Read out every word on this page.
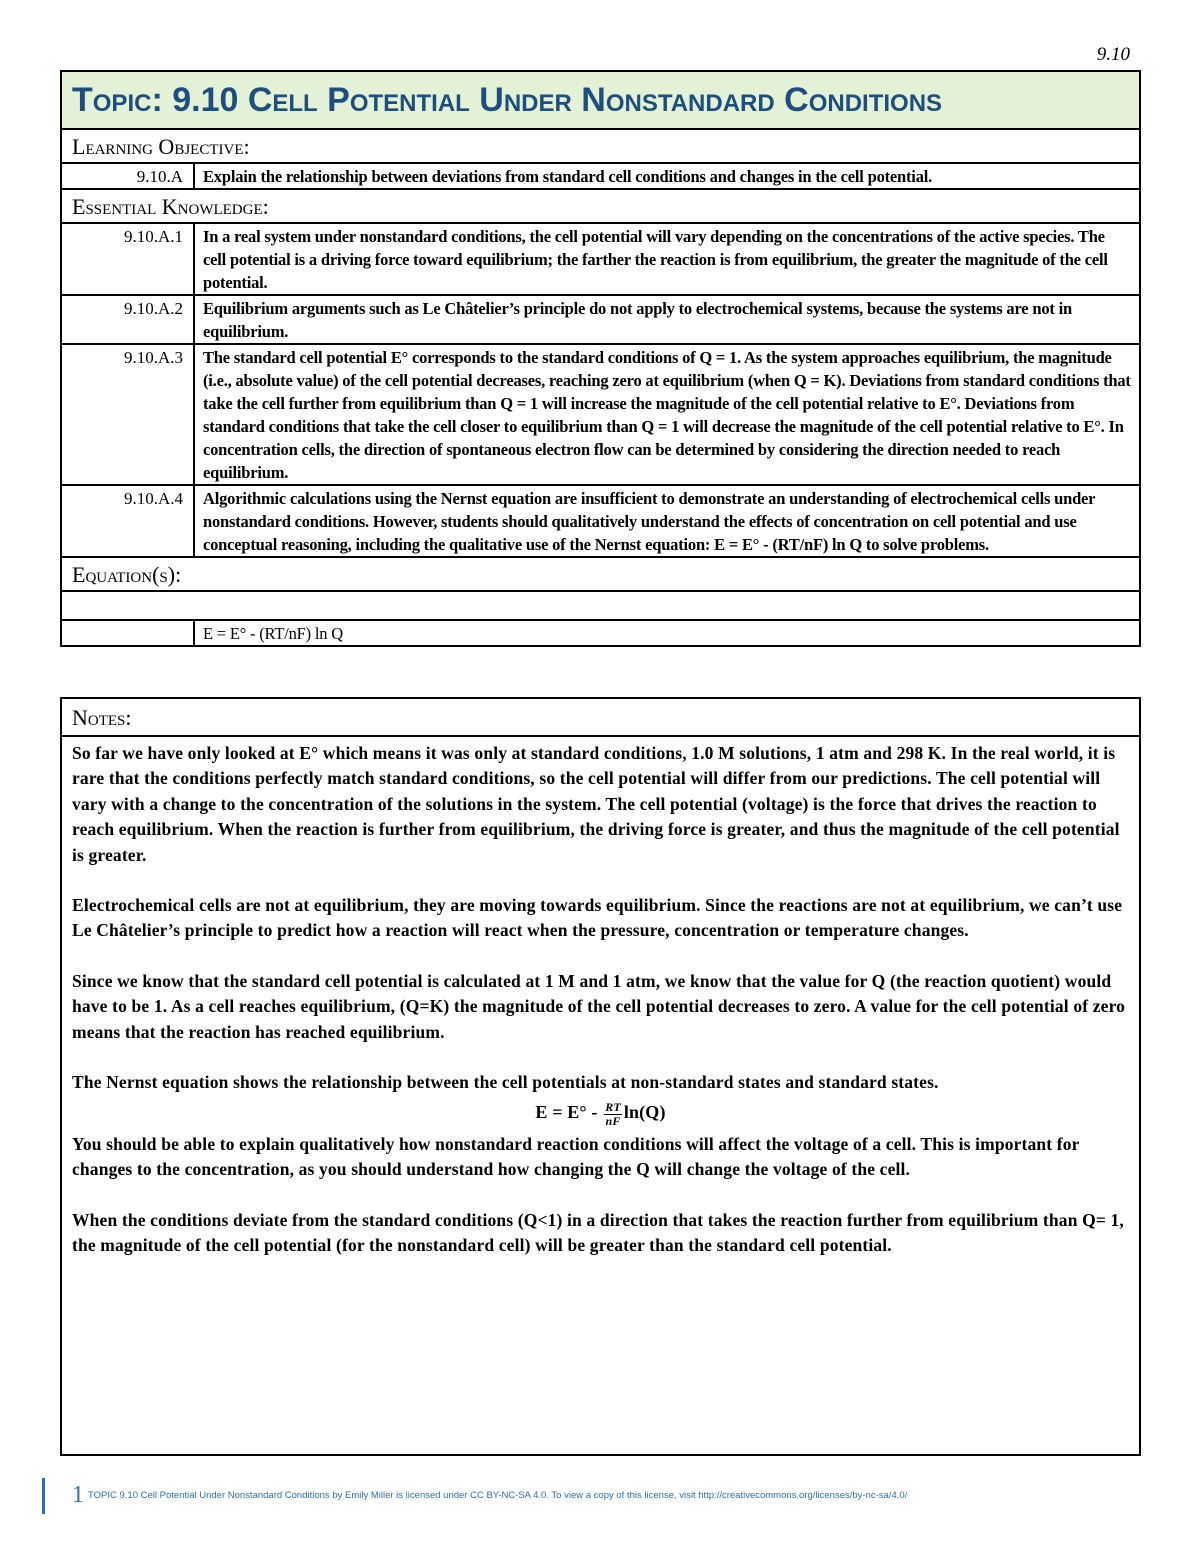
9.10
Topic: 9.10 Cell Potential Under Nonstandard Conditions
Learning Objective:
9.10.A	Explain the relationship between deviations from standard cell conditions and changes in the cell potential.
Essential Knowledge:
9.10.A.1	In a real system under nonstandard conditions, the cell potential will vary depending on the concentrations of the active species. The cell potential is a driving force toward equilibrium; the farther the reaction is from equilibrium, the greater the magnitude of the cell potential.
9.10.A.2	Equilibrium arguments such as Le Châtelier’s principle do not apply to electrochemical systems, because the systems are not in equilibrium.
9.10.A.3	The standard cell potential E° corresponds to the standard conditions of Q = 1. As the system approaches equilibrium, the magnitude (i.e., absolute value) of the cell potential decreases, reaching zero at equilibrium (when Q = K). Deviations from standard conditions that take the cell further from equilibrium than Q = 1 will increase the magnitude of the cell potential relative to E°. Deviations from standard conditions that take the cell closer to equilibrium than Q = 1 will decrease the magnitude of the cell potential relative to E°. In concentration cells, the direction of spontaneous electron flow can be determined by considering the direction needed to reach equilibrium.
9.10.A.4	Algorithmic calculations using the Nernst equation are insufficient to demonstrate an understanding of electrochemical cells under nonstandard conditions. However, students should qualitatively understand the effects of concentration on cell potential and use conceptual reasoning, including the qualitative use of the Nernst equation: E = E° - (RT/nF) ln Q to solve problems.
Equation(s):
E = E° - (RT/nF) ln Q
Notes:

So far we have only looked at E° which means it was only at standard conditions, 1.0 M solutions, 1 atm and 298 K. In the real world, it is rare that the conditions perfectly match standard conditions, so the cell potential will differ from our predictions. The cell potential will vary with a change to the concentration of the solutions in the system. The cell potential (voltage) is the force that drives the reaction to reach equilibrium. When the reaction is further from equilibrium, the driving force is greater, and thus the magnitude of the cell potential is greater.

Electrochemical cells are not at equilibrium, they are moving towards equilibrium. Since the reactions are not at equilibrium, we can’t use Le Châtelier’s principle to predict how a reaction will react when the pressure, concentration or temperature changes.

Since we know that the standard cell potential is calculated at 1 M and 1 atm, we know that the value for Q (the reaction quotient) would have to be 1. As a cell reaches equilibrium, (Q=K) the magnitude of the cell potential decreases to zero. A value for the cell potential of zero means that the reaction has reached equilibrium.

The Nernst equation shows the relationship between the cell potentials at non-standard states and standard states.

$E = E^\circ - \frac{RT}{nF} \ln(Q)$

You should be able to explain qualitatively how nonstandard reaction conditions will affect the voltage of a cell. This is important for changes to the concentration, as you should understand how changing the Q will change the voltage of the cell.

When the conditions deviate from the standard conditions (Q<1) in a direction that takes the reaction further from equilibrium than Q= 1, the magnitude of the cell potential (for the nonstandard cell) will be greater than the standard cell potential.

1 TOPIC 9.10 Cell Potential Under Nonstandard Conditions by Emily Miller is licensed under CC BY-NC-SA 4.0. To view a copy of this license, visit http://creativecommons.org/licenses/by-nc-sa/4.0/
